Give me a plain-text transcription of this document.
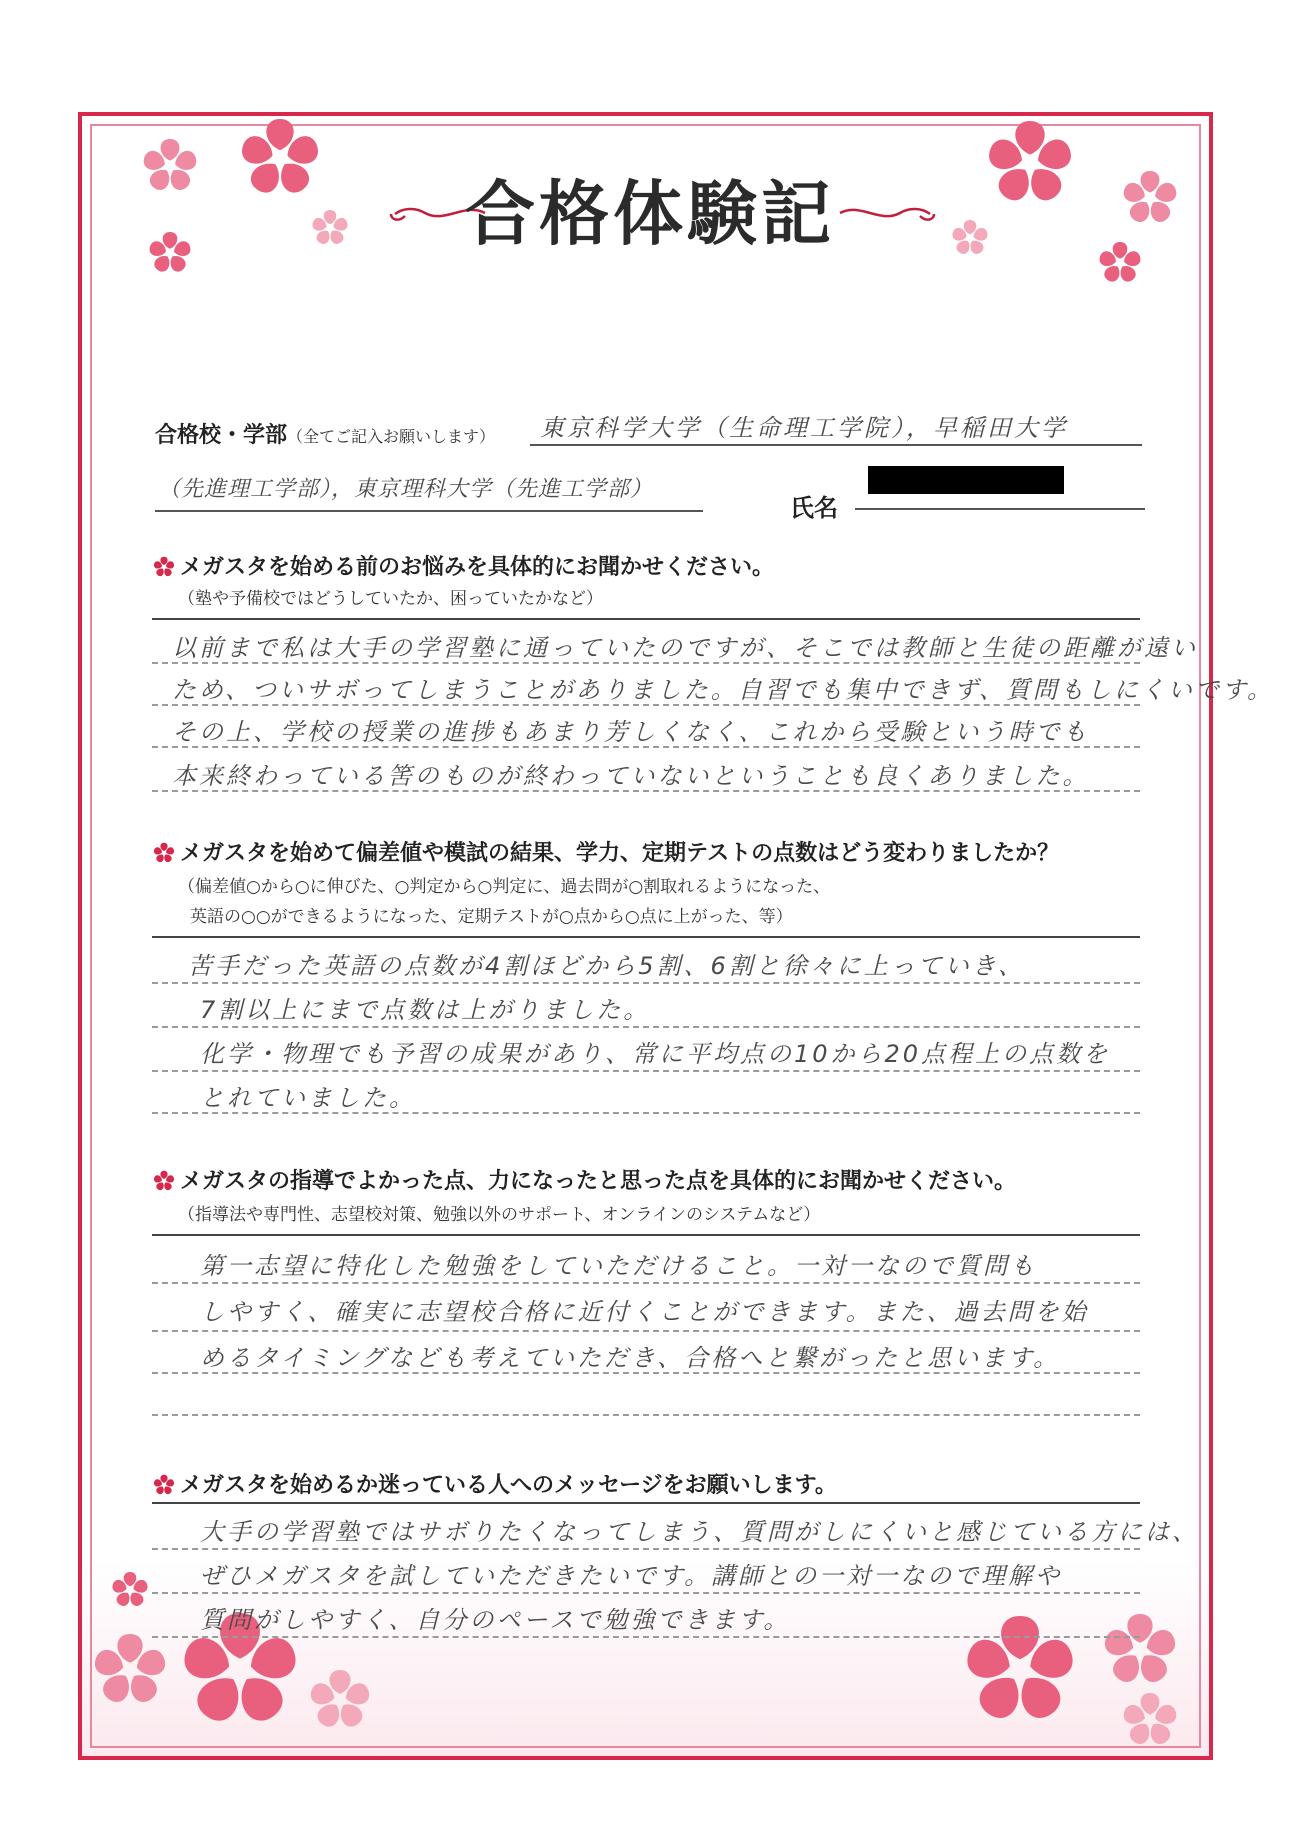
合格体験記
合格校・学部（全てご記入お願いします） 東京科学大学（生命理工学院），早稲田大学
（先進理工学部），東京理科大学（先進工学部）
氏名
メガスタを始める前のお悩みを具体的にお聞かせください。
（塾や予備校ではどうしていたか、困っていたかなど）
以前まで私は大手の学習塾に通っていたのですが、そこでは教師と生徒の距離が遠い
ため、ついサボってしまうことがありました。自習でも集中できず、質問もしにくいです。
その上、学校の授業の進捗もあまり芳しくなく、これから受験という時でも
本来終わっている筈のものが終わっていないということも良くありました。
メガスタを始めて偏差値や模試の結果、学力、定期テストの点数はどう変わりましたか？
（偏差値○から○に伸びた、○判定から○判定に、過去問が○割取れるようになった、
英語の○○ができるようになった、定期テストが○点から○点に上がった、等）
苦手だった英語の点数が4割ほどから5割、6割と徐々に上っていき、
7割以上にまで点数は上がりました。
化学・物理でも予習の成果があり、常に平均点の10から20点程上の点数を
とれていました。
メガスタの指導でよかった点、力になったと思った点を具体的にお聞かせください。
（指導法や専門性、志望校対策、勉強以外のサポート、オンラインのシステムなど）
第一志望に特化した勉強をしていただけること。一対一なので質問も
しやすく、確実に志望校合格に近付くことができます。また、過去問を始
めるタイミングなども考えていただき、合格へと繋がったと思います。
メガスタを始めるか迷っている人へのメッセージをお願いします。
大手の学習塾ではサボりたくなってしまう、質問がしにくいと感じている方には、
ぜひメガスタを試していただきたいです。講師との一対一なので理解や
質問がしやすく、自分のペースで勉強できます。
